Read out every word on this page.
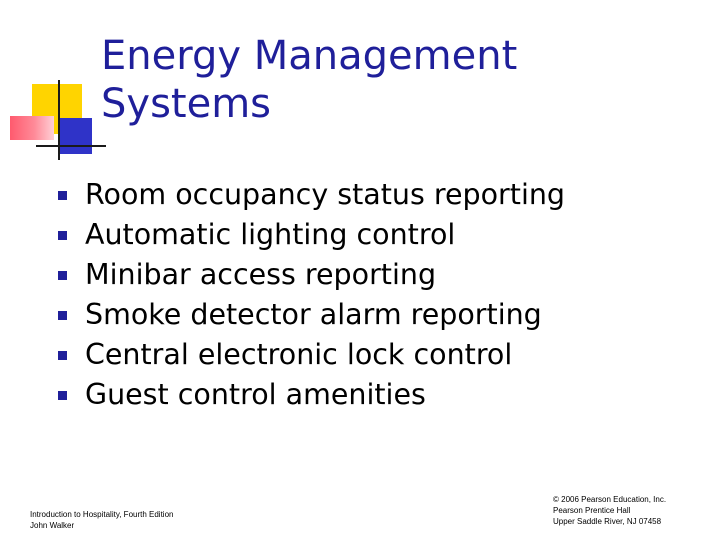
Energy Management
Systems
Room occupancy status reporting
Automatic lighting control
Minibar access reporting
Smoke detector alarm reporting
Central electronic lock control
Guest control amenities
Introduction to Hospitality, Fourth Edition
John Walker
© 2006 Pearson Education, Inc.
Pearson Prentice Hall
Upper Saddle River, NJ 07458
